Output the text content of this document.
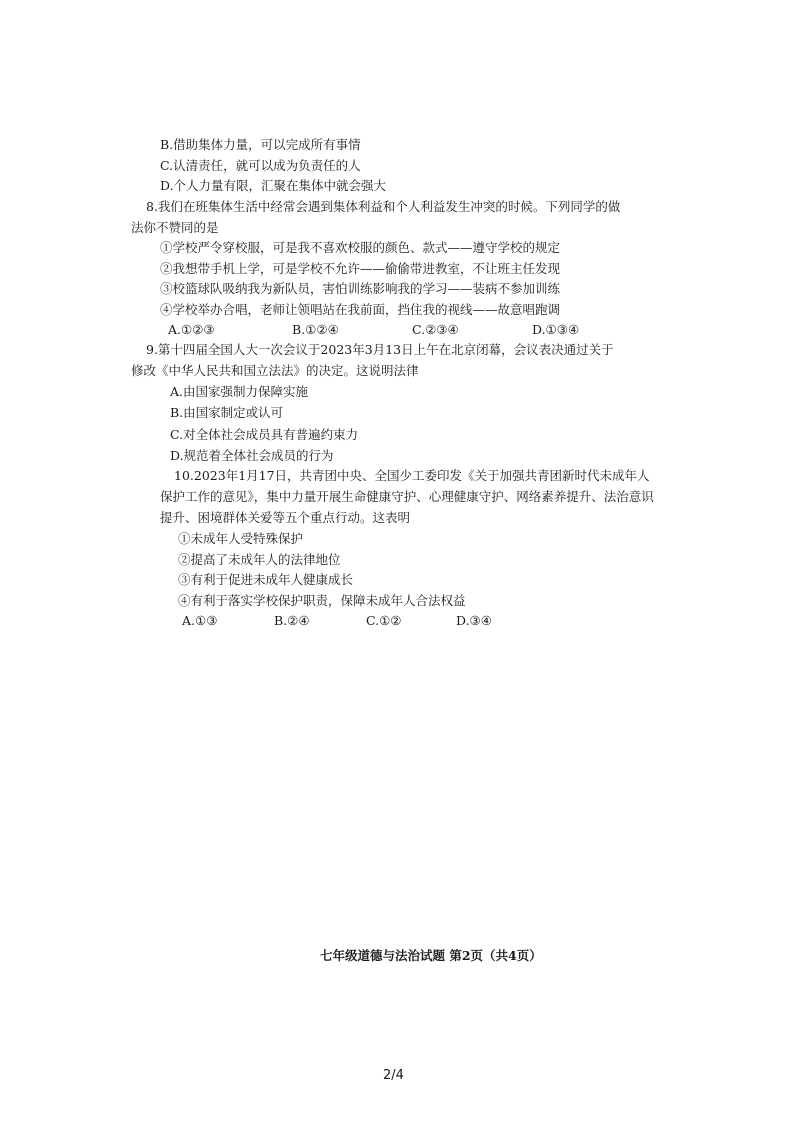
B.借助集体力量，可以完成所有事情
C.认清责任，就可以成为负责任的人
D.个人力量有限，汇聚在集体中就会强大
8.我们在班集体生活中经常会遇到集体利益和个人利益发生冲突的时候。下列同学的做
法你不赞同的是
①学校严令穿校服，可是我不喜欢校服的颜色、款式——遵守学校的规定
②我想带手机上学，可是学校不允许——偷偷带进教室，不让班主任发现
③校篮球队吸纳我为新队员，害怕训练影响我的学习——装病不参加训练
④学校举办合唱，老师让领唱站在我前面，挡住我的视线——故意唱跑调
A.①②③	B.①②④	C.②③④	D.①③④
9.第十四届全国人大一次会议于2023年3月13日上午在北京闭幕，会议表决通过关于
修改《中华人民共和国立法法》的决定。这说明法律
A.由国家强制力保障实施
B.由国家制定或认可
C.对全体社会成员具有普遍约束力
D.规范着全体社会成员的行为
10.2023年1月17日，共青团中央、全国少工委印发《关于加强共青团新时代未成年人
保护工作的意见》，集中力量开展生命健康守护、心理健康守护、网络素养提升、法治意识
提升、困境群体关爱等五个重点行动。这表明
①未成年人受特殊保护
②提高了未成年人的法律地位
③有利于促进未成年人健康成长
④有利于落实学校保护职责，保障未成年人合法权益
A.①③	B.②④	C.①②	D.③④
七年级道德与法治试题 第2页（共4页）
2/4
